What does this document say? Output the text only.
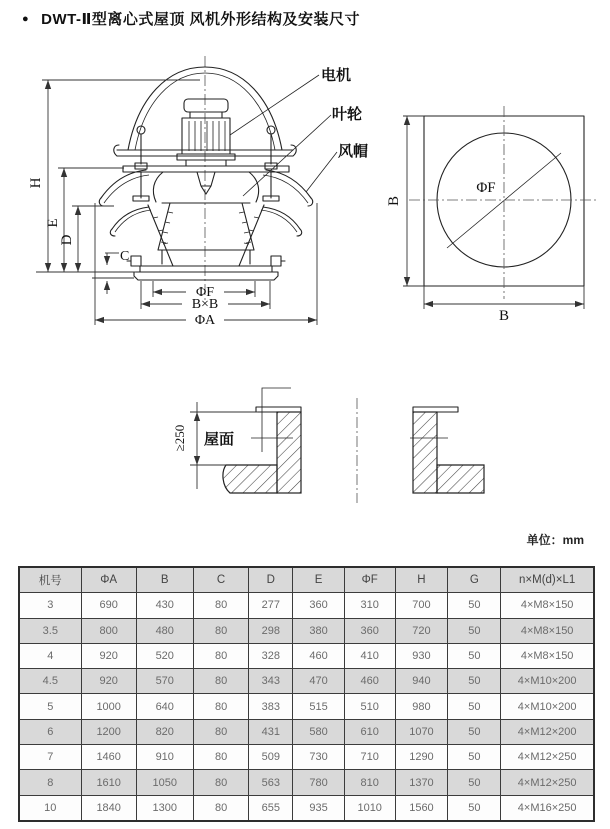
● DWT-Ⅱ型离心式屋顶 风机外形结构及安装尺寸
电机
叶轮
风帽
H
E
D
C
ΦF
B×B
ΦA
ΦF
B
B
屋面
≥250
单位：mm
机号	ΦA	B	C	D	E	ΦF	H	G	n×M(d)×L1
3	690	430	80	277	360	310	700	50	4×M8×150
3.5	800	480	80	298	380	360	720	50	4×M8×150
4	920	520	80	328	460	410	930	50	4×M8×150
4.5	920	570	80	343	470	460	940	50	4×M10×200
5	1000	640	80	383	515	510	980	50	4×M10×200
6	1200	820	80	431	580	610	1070	50	4×M12×200
7	1460	910	80	509	730	710	1290	50	4×M12×250
8	1610	1050	80	563	780	810	1370	50	4×M12×250
10	1840	1300	80	655	935	1010	1560	50	4×M16×250
